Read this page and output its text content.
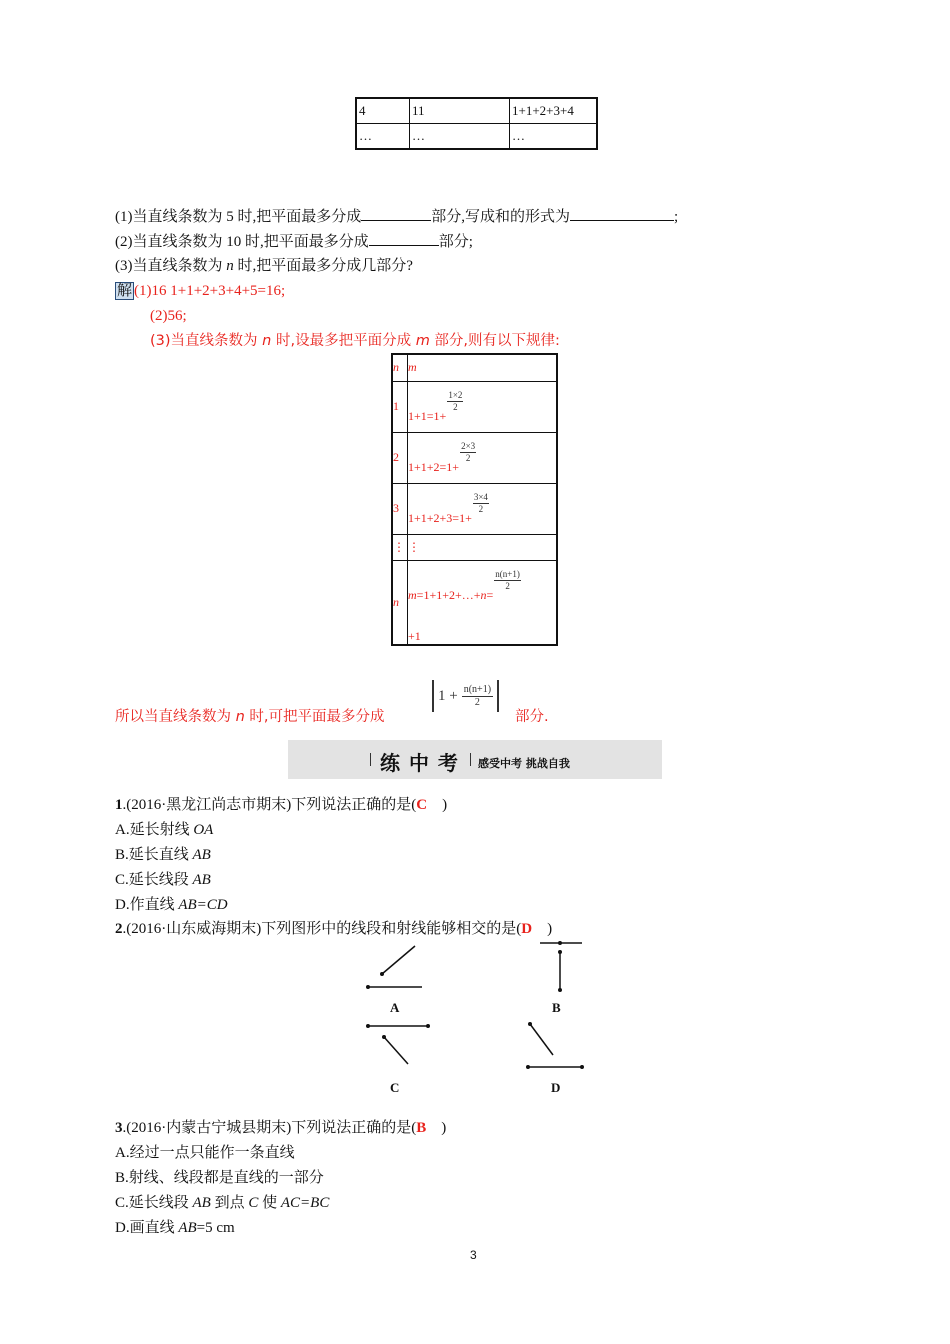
4	11	1+1+2+3+4
…	…	…
(1)当直线条数为 5 时,把平面最多分成	部分,写成和的形式为	;
(2)当直线条数为 10 时,把平面最多分成	部分;
(3)当直线条数为 n 时,把平面最多分成几部分?
解 (1)16 1+1+2+3+4+5=16;
(2)56;
(3)当直线条数为 n 时,设最多把平面分成 m 部分,则有以下规律:
n	m
1	1+1=1+
$\frac{1\times 2}{2}$

2	1+1+2=1+
$\frac{2\times 3}{2}$

3	1+1+2+3=1+
$\frac{3\times 4}{2}$

⋮	⋮
n	m=1+1+2+…+n=
$\frac{n(n+1)}{2}$
+1
所以当直线条数为 n 时,可把平面最多分成
$1 + \frac{n(n+1)}{2}$
部分.
练 中 考 感受中考 挑战自我
1.(2016·黑龙江尚志市期末)下列说法正确的是(C    )
A.延长射线 OA
B.延长直线 AB
C.延长线段 AB
D.作直线 AB=CD
2.(2016·山东威海期末)下列图形中的线段和射线能够相交的是(D    )
A	B
C	D
3.(2016·内蒙古宁城县期末)下列说法正确的是(B    )
A.经过一点只能作一条直线
B.射线、线段都是直线的一部分
C.延长线段 AB 到点 C 使 AC=BC
D.画直线 AB=5 cm
3
